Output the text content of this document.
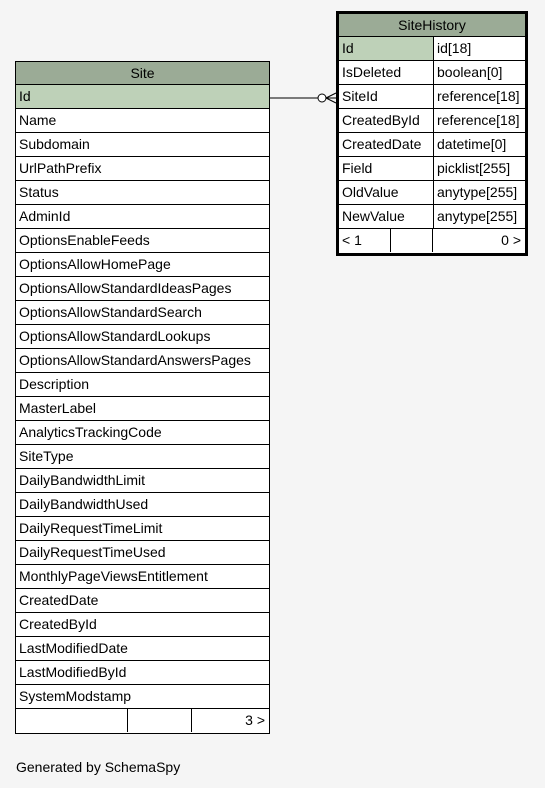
Site
Id
Name
Subdomain
UrlPathPrefix
Status
AdminId
OptionsEnableFeeds
OptionsAllowHomePage
OptionsAllowStandardIdeasPages
OptionsAllowStandardSearch
OptionsAllowStandardLookups
OptionsAllowStandardAnswersPages
Description
MasterLabel
AnalyticsTrackingCode
SiteType
DailyBandwidthLimit
DailyBandwidthUsed
DailyRequestTimeLimit
DailyRequestTimeUsed
MonthlyPageViewsEntitlement
CreatedDate
CreatedById
LastModifiedDate
LastModifiedById
SystemModstamp
3 >
SiteHistory
Id	id[18]
IsDeleted	boolean[0]
SiteId	reference[18]
CreatedById	reference[18]
CreatedDate	datetime[0]
Field	picklist[255]
OldValue	anytype[255]
NewValue	anytype[255]
< 1	0 >
Generated by SchemaSpy
